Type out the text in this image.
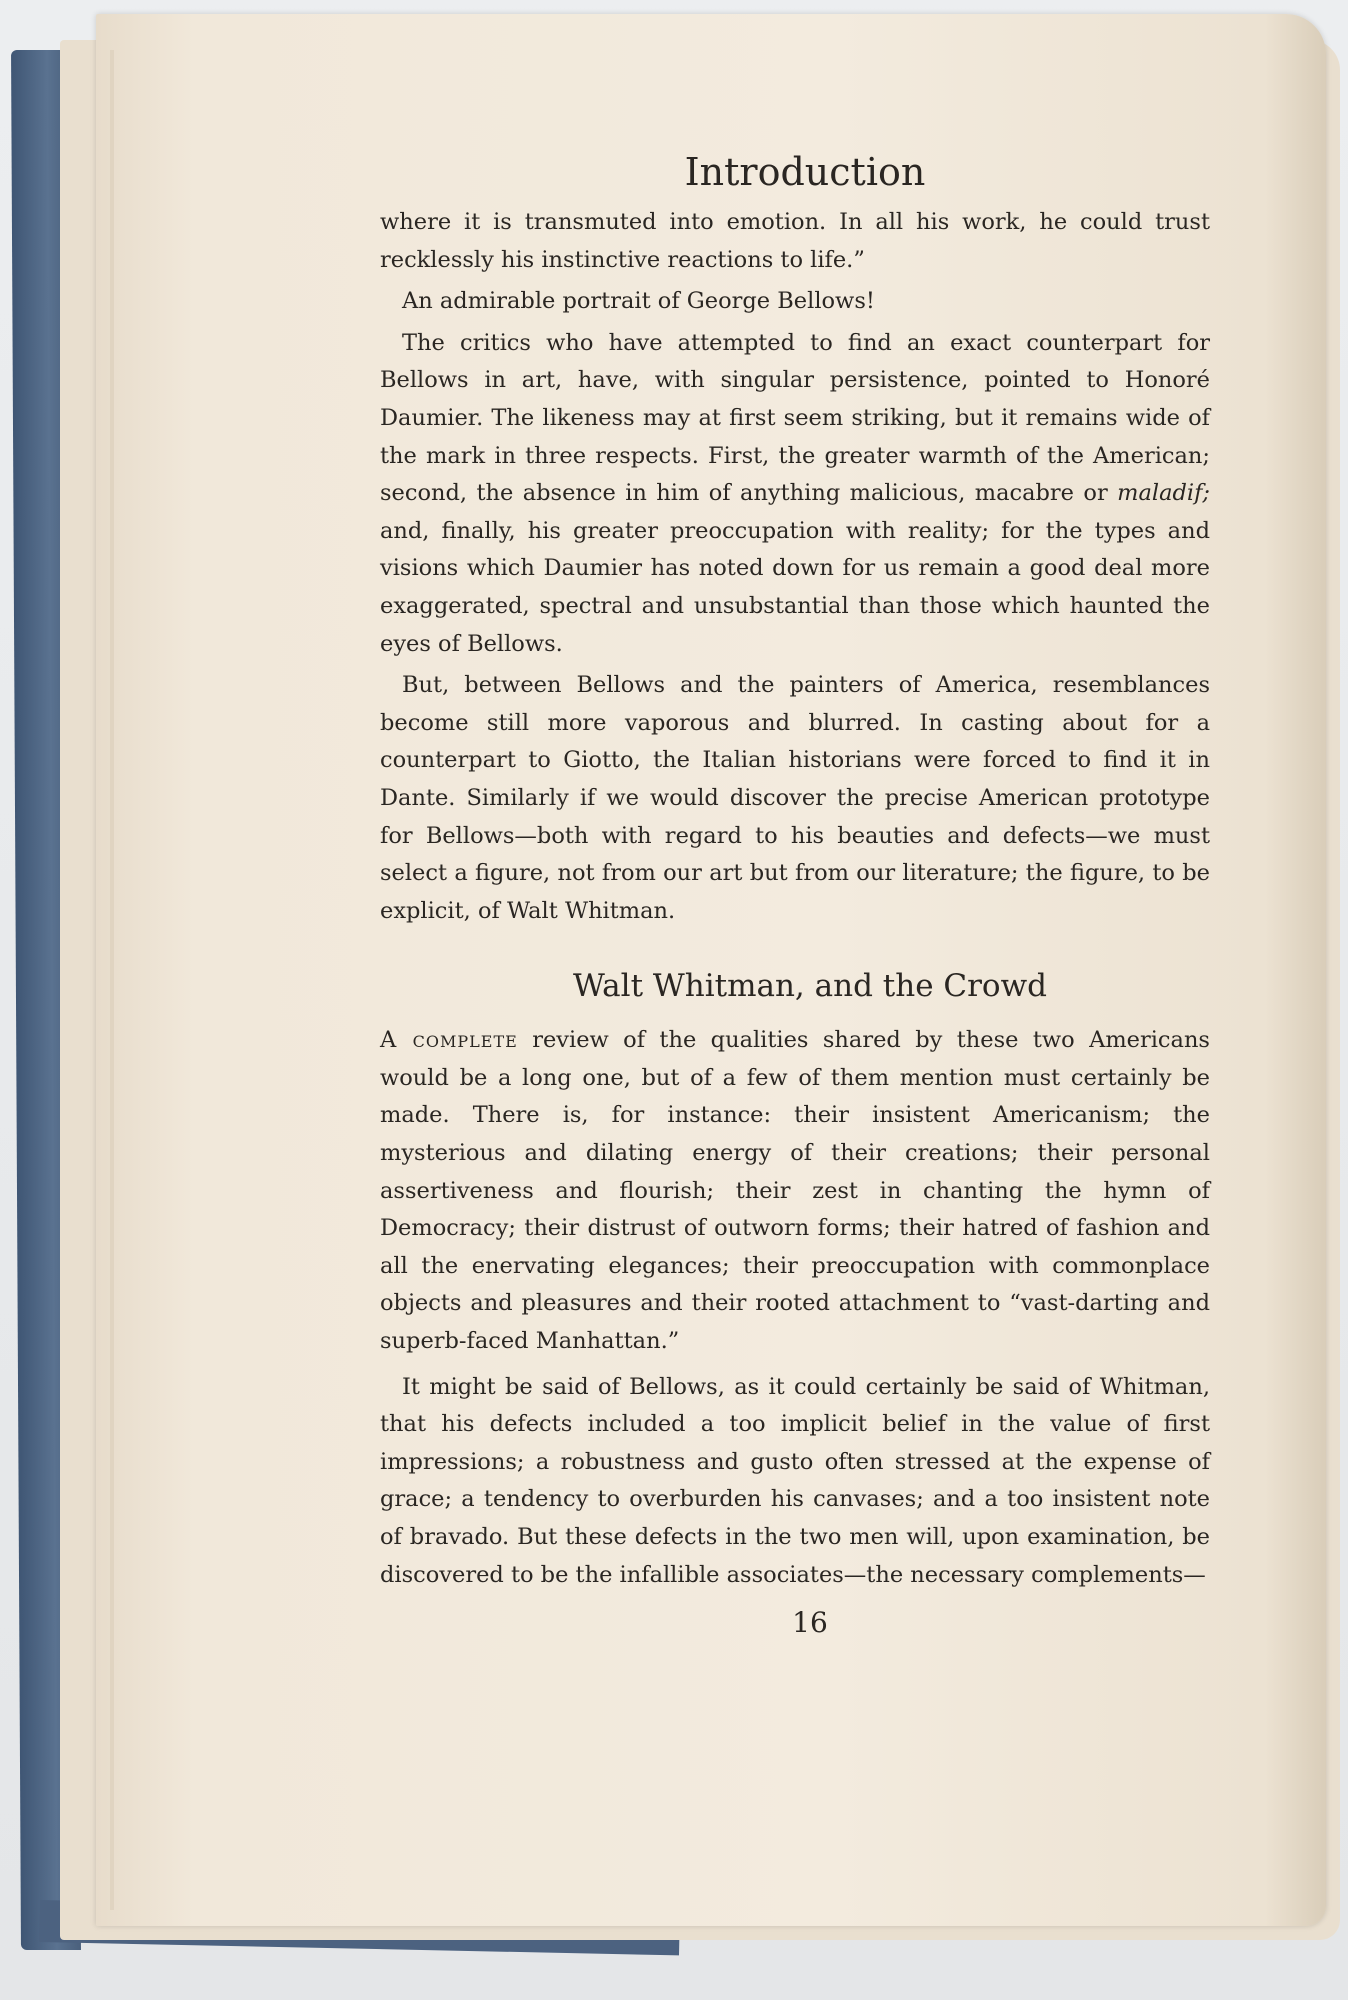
Introduction

where it is transmuted into emotion. In all his work, he could trust recklessly his instinctive reactions to life.”

An admirable portrait of George Bellows!

The critics who have attempted to find an exact counterpart for Bellows in art, have, with singular persistence, pointed to Honoré Daumier. The likeness may at first seem striking, but it remains wide of the mark in three respects. First, the greater warmth of the American; second, the absence in him of anything malicious, macabre or maladif; and, finally, his greater preoccupation with reality; for the types and visions which Daumier has noted down for us remain a good deal more exaggerated, spectral and unsubstantial than those which haunted the eyes of Bellows.

But, between Bellows and the painters of America, resemblances become still more vaporous and blurred. In casting about for a counterpart to Giotto, the Italian historians were forced to find it in Dante. Similarly if we would discover the precise American prototype for Bellows—both with regard to his beauties and defects—we must select a figure, not from our art but from our literature; the figure, to be explicit, of Walt Whitman.

Walt Whitman, and the Crowd

A complete review of the qualities shared by these two Americans would be a long one, but of a few of them mention must certainly be made. There is, for instance: their insistent Americanism; the mysterious and dilating energy of their creations; their personal assertiveness and flourish; their zest in chanting the hymn of Democracy; their distrust of outworn forms; their hatred of fashion and all the enervating elegances; their preoccupation with commonplace objects and pleasures and their rooted attachment to “vast-darting and superb-faced Manhattan.”

It might be said of Bellows, as it could certainly be said of Whitman, that his defects included a too implicit belief in the value of first impressions; a robustness and gusto often stressed at the expense of grace; a tendency to overburden his canvases; and a too insistent note of bravado. But these defects in the two men will, upon examination, be discovered to be the infallible associates—the necessary complements—

16
